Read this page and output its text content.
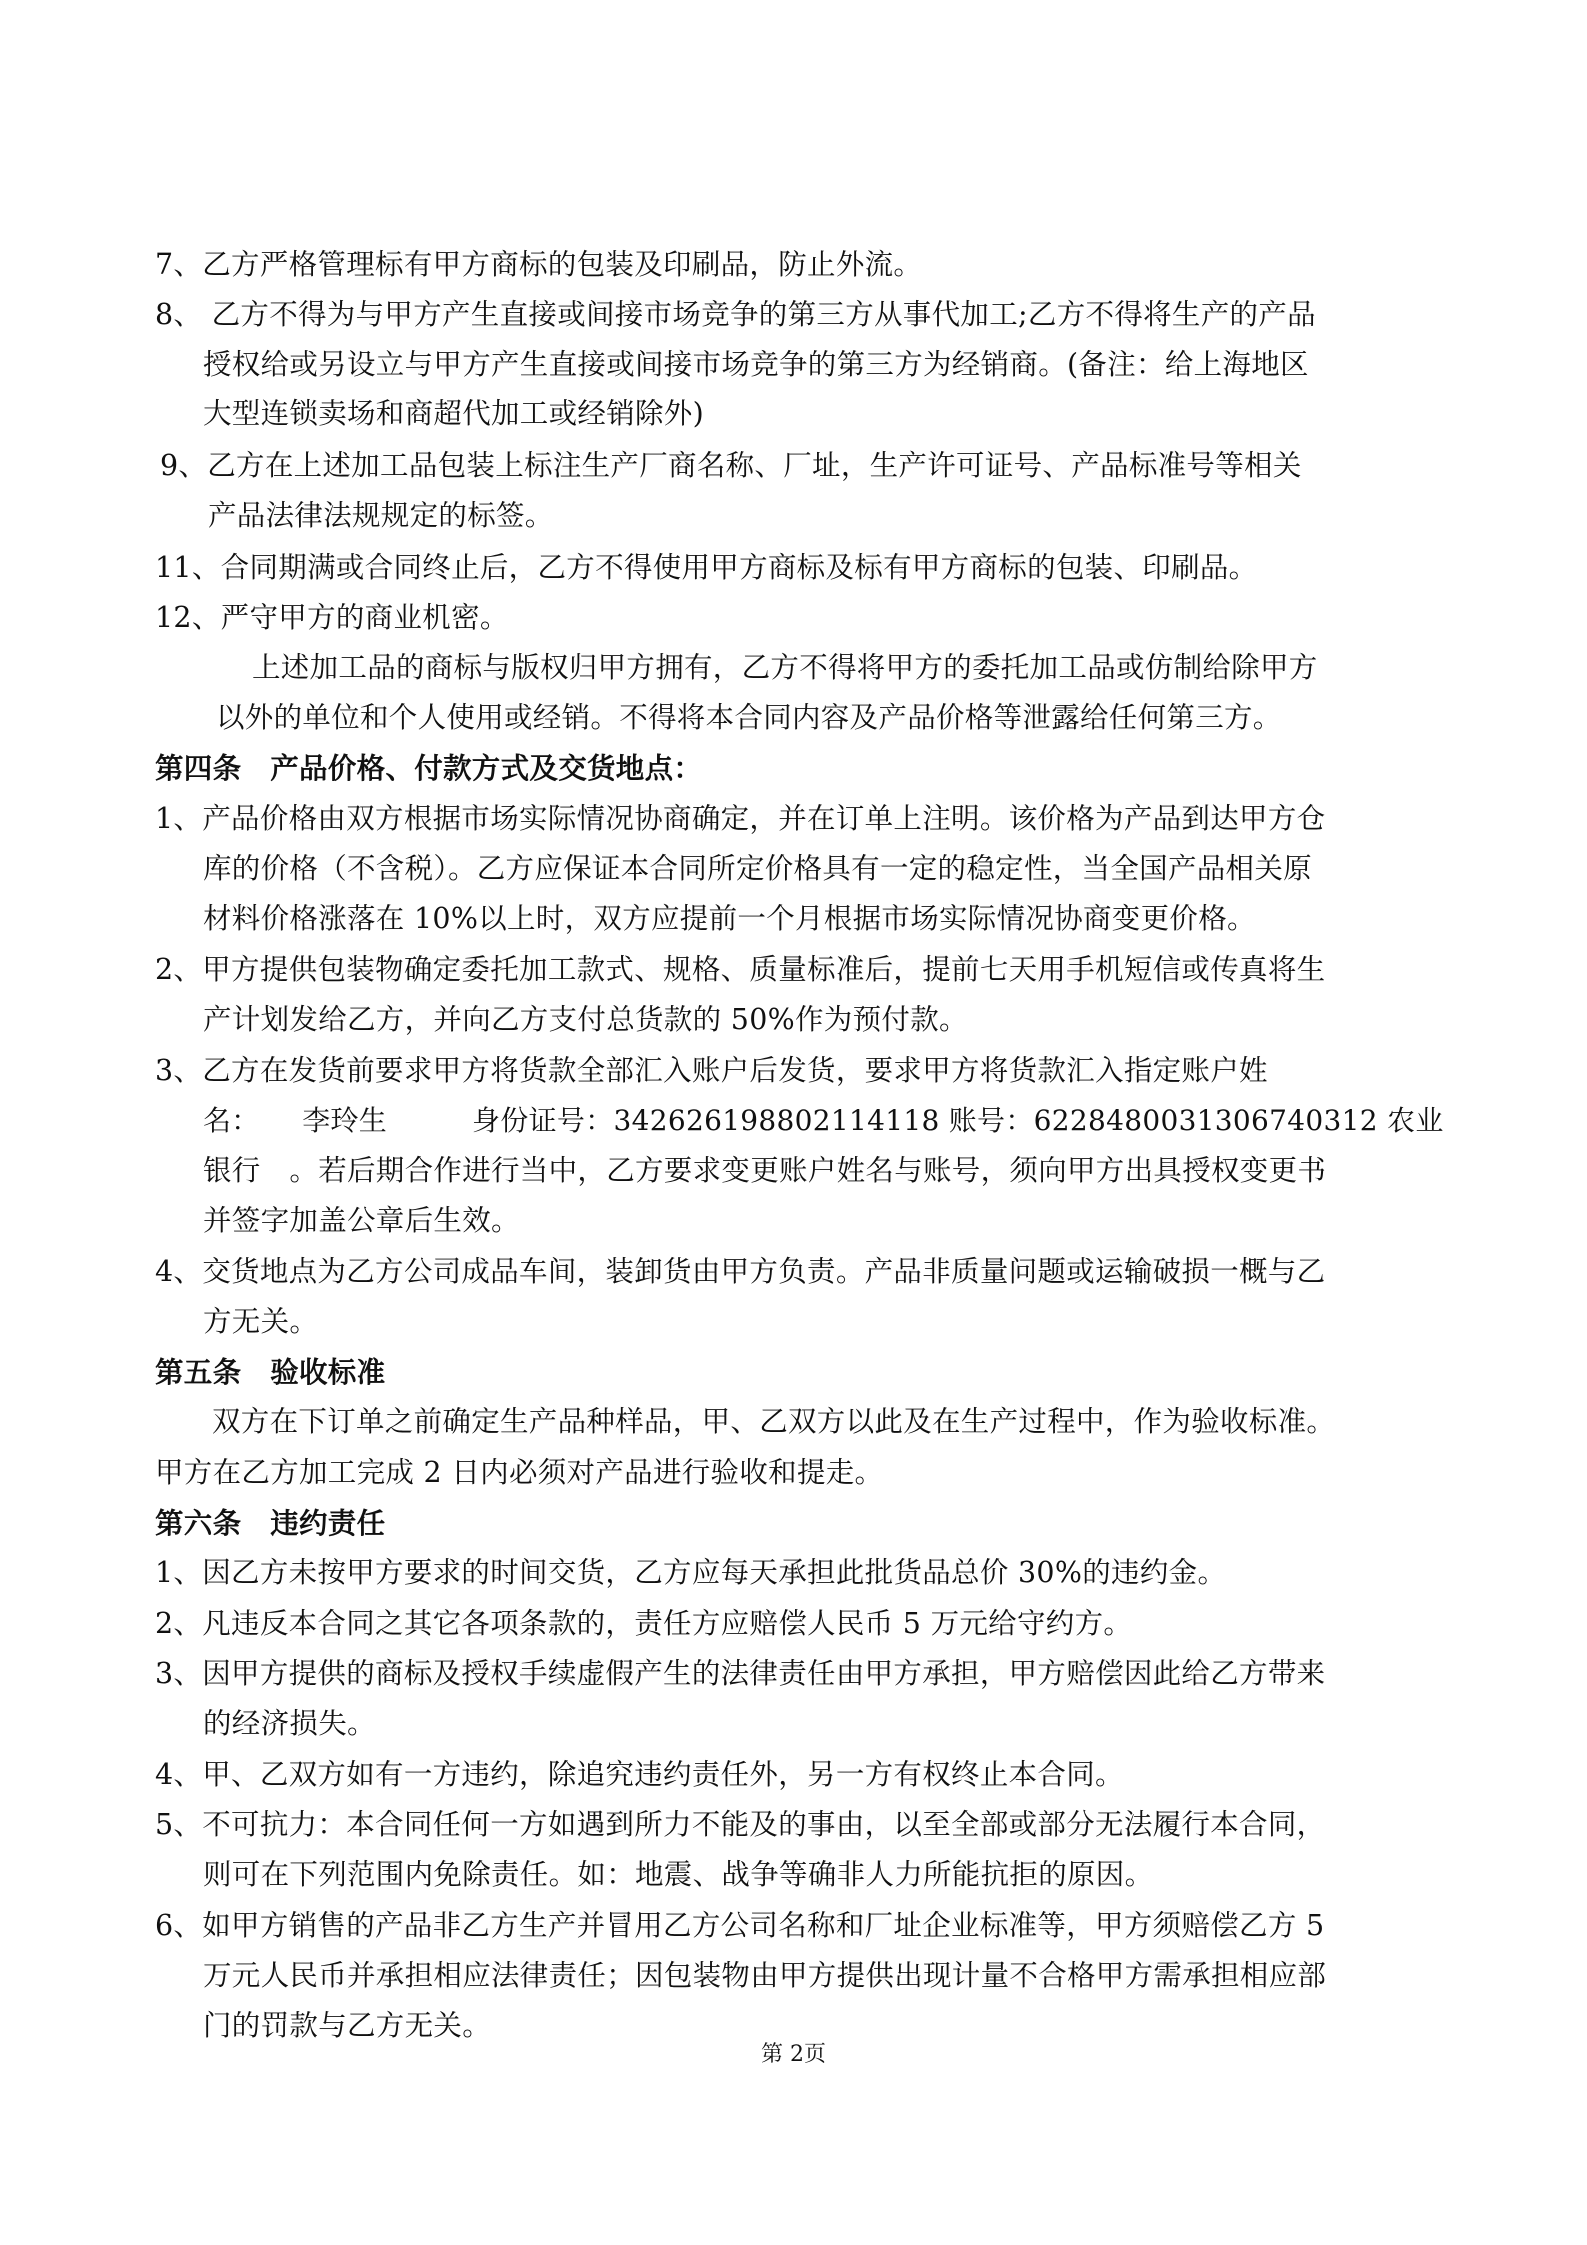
7、乙方严格管理标有甲方商标的包装及印刷品，防止外流。
8、 乙方不得为与甲方产生直接或间接市场竞争的第三方从事代加工;乙方不得将生产的产品
授权给或另设立与甲方产生直接或间接市场竞争的第三方为经销商。(备注：给上海地区
大型连锁卖场和商超代加工或经销除外)
9、乙方在上述加工品包装上标注生产厂商名称、厂址，生产许可证号、产品标准号等相关
产品法律法规规定的标签。
11、合同期满或合同终止后，乙方不得使用甲方商标及标有甲方商标的包装、印刷品。
12、严守甲方的商业机密。
上述加工品的商标与版权归甲方拥有，乙方不得将甲方的委托加工品或仿制给除甲方
以外的单位和个人使用或经销。不得将本合同内容及产品价格等泄露给任何第三方。
第四条　产品价格、付款方式及交货地点：
1、产品价格由双方根据市场实际情况协商确定，并在订单上注明。该价格为产品到达甲方仓
库的价格（不含税）。乙方应保证本合同所定价格具有一定的稳定性，当全国产品相关原
材料价格涨落在 10%以上时，双方应提前一个月根据市场实际情况协商变更价格。
2、甲方提供包装物确定委托加工款式、规格、质量标准后，提前七天用手机短信或传真将生
产计划发给乙方，并向乙方支付总货款的 50%作为预付款。
3、乙方在发货前要求甲方将货款全部汇入账户后发货，要求甲方将货款汇入指定账户姓
名：　　李玲生　　　身份证号：342626198802114118 账号：6228480031306740312 农业
银行　。若后期合作进行当中，乙方要求变更账户姓名与账号，须向甲方出具授权变更书
并签字加盖公章后生效。
4、交货地点为乙方公司成品车间，装卸货由甲方负责。产品非质量问题或运输破损一概与乙
方无关。
第五条　验收标准
双方在下订单之前确定生产品种样品，甲、乙双方以此及在生产过程中，作为验收标准。
甲方在乙方加工完成 2 日内必须对产品进行验收和提走。
第六条　违约责任
1、因乙方未按甲方要求的时间交货，乙方应每天承担此批货品总价 30%的违约金。
2、凡违反本合同之其它各项条款的，责任方应赔偿人民币 5 万元给守约方。
3、因甲方提供的商标及授权手续虚假产生的法律责任由甲方承担，甲方赔偿因此给乙方带来
的经济损失。
4、甲、乙双方如有一方违约，除追究违约责任外，另一方有权终止本合同。
5、不可抗力：本合同任何一方如遇到所力不能及的事由，以至全部或部分无法履行本合同，
则可在下列范围内免除责任。如：地震、战争等确非人力所能抗拒的原因。
6、如甲方销售的产品非乙方生产并冒用乙方公司名称和厂址企业标准等，甲方须赔偿乙方 5
万元人民币并承担相应法律责任；因包装物由甲方提供出现计量不合格甲方需承担相应部
门的罚款与乙方无关。
第 2页
